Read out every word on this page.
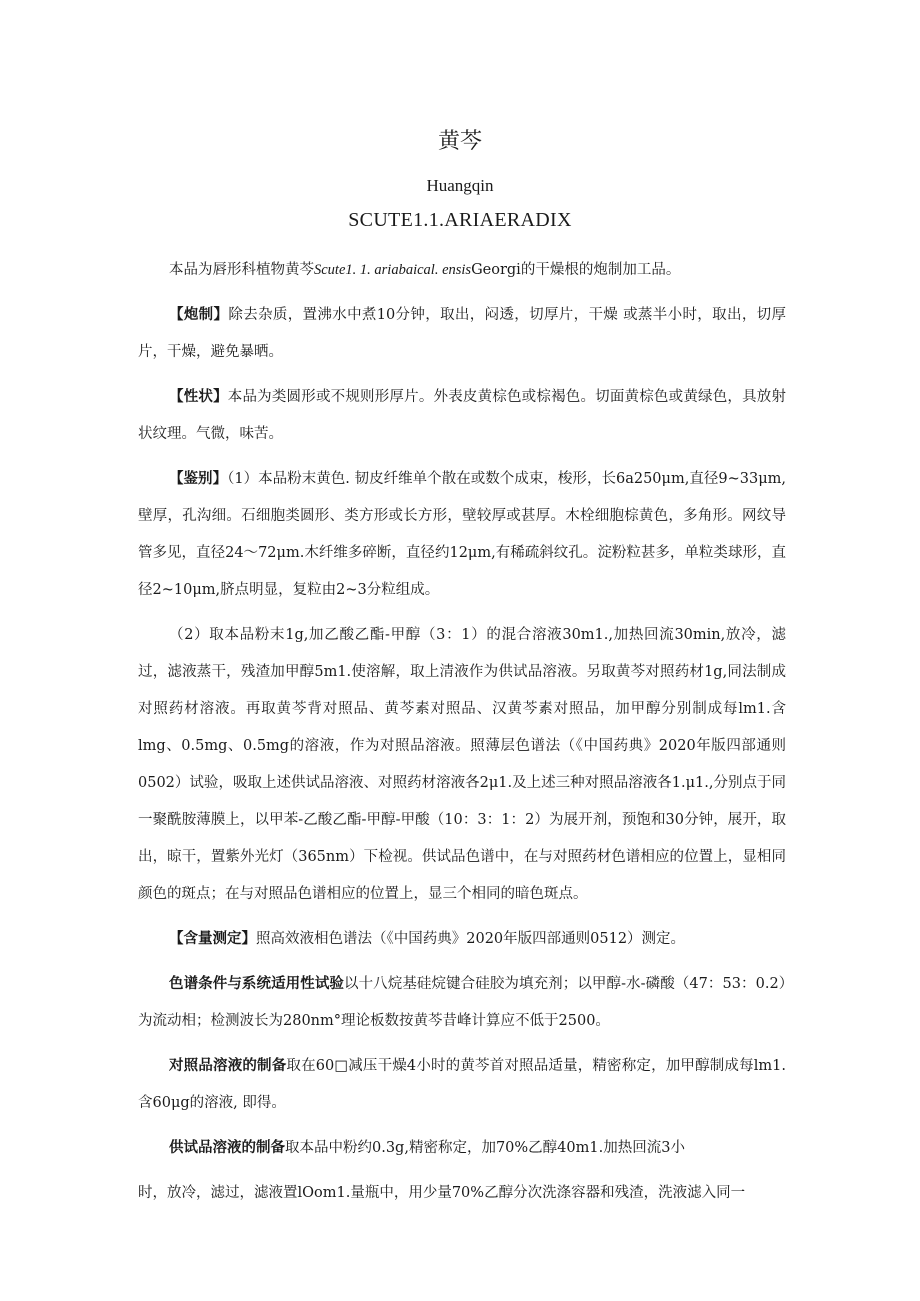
黄芩
Huangqin
SCUTE1.1.ARIAERADIX

本品为唇形科植物黄芩Scute1. 1. ariabaical. ensisGeorgi的干燥根的炮制加工品。

【炮制】除去杂质，置沸水中煮10分钟，取出，闷透，切厚片，干燥 或蒸半小时，取出，切厚片，干燥，避免暴晒。

【性状】本品为类圆形或不规则形厚片。外表皮黄棕色或棕褐色。切面黄棕色或黄绿色，具放射状纹理。气微，味苦。

【鉴别】（1）本品粉末黄色. 韧皮纤维单个散在或数个成束，梭形，长6a250μm,直径9~33μm,壁厚，孔沟细。石细胞类圆形、类方形或长方形，壁较厚或甚厚。木栓细胞棕黄色，多角形。网纹导管多见，直径24～72μm.木纤维多碎断，直径约12μm,有稀疏斜纹孔。淀粉粒甚多，单粒类球形，直径2~10μm,脐点明显，复粒由2~3分粒组成。

（2）取本品粉末1g,加乙酸乙酯-甲醇（3：1）的混合溶液30m1.,加热回流30min,放冷，滤过，滤液蒸干，残渣加甲醇5m1.使溶解，取上清液作为供试品溶液。另取黄芩对照药材1g,同法制成对照药材溶液。再取黄芩背对照品、黄芩素对照品、汉黄芩素对照品，加甲醇分别制成每lm1.含lmg、0.5mg、0.5mg的溶液，作为对照品溶液。照薄层色谱法（《中国药典》2020年版四部通则0502）试验，吸取上述供试品溶液、对照药材溶液各2μ1.及上述三种对照品溶液各1.μ1.,分别点于同一聚酰胺薄膜上，以甲苯-乙酸乙酯-甲醇-甲酸（10：3：1：2）为展开剂，预饱和30分钟，展开，取出，晾干，置紫外光灯（365nm）下检视。供试品色谱中，在与对照药材色谱相应的位置上，显相同颜色的斑点；在与对照品色谱相应的位置上，显三个相同的暗色斑点。

【含量测定】照高效液相色谱法（《中国药典》2020年版四部通则0512）测定。

色谱条件与系统适用性试验以十八烷基硅烷键合硅胶为填充剂；以甲醇-水-磷酸（47：53：0.2）为流动相；检测波长为280nm°理论板数按黄芩昔峰计算应不低于2500。

对照品溶液的制备取在60□减压干燥4小时的黄芩首对照品适量，精密称定，加甲醇制成每lm1.含60μg的溶液, 即得。

供试品溶液的制备取本品中粉约0.3g,精密称定，加70%乙醇40m1.加热回流3小

时，放冷，滤过，滤液置lOom1.量瓶中，用少量70%乙醇分次洗涤容器和残渣，洗液滤入同一
